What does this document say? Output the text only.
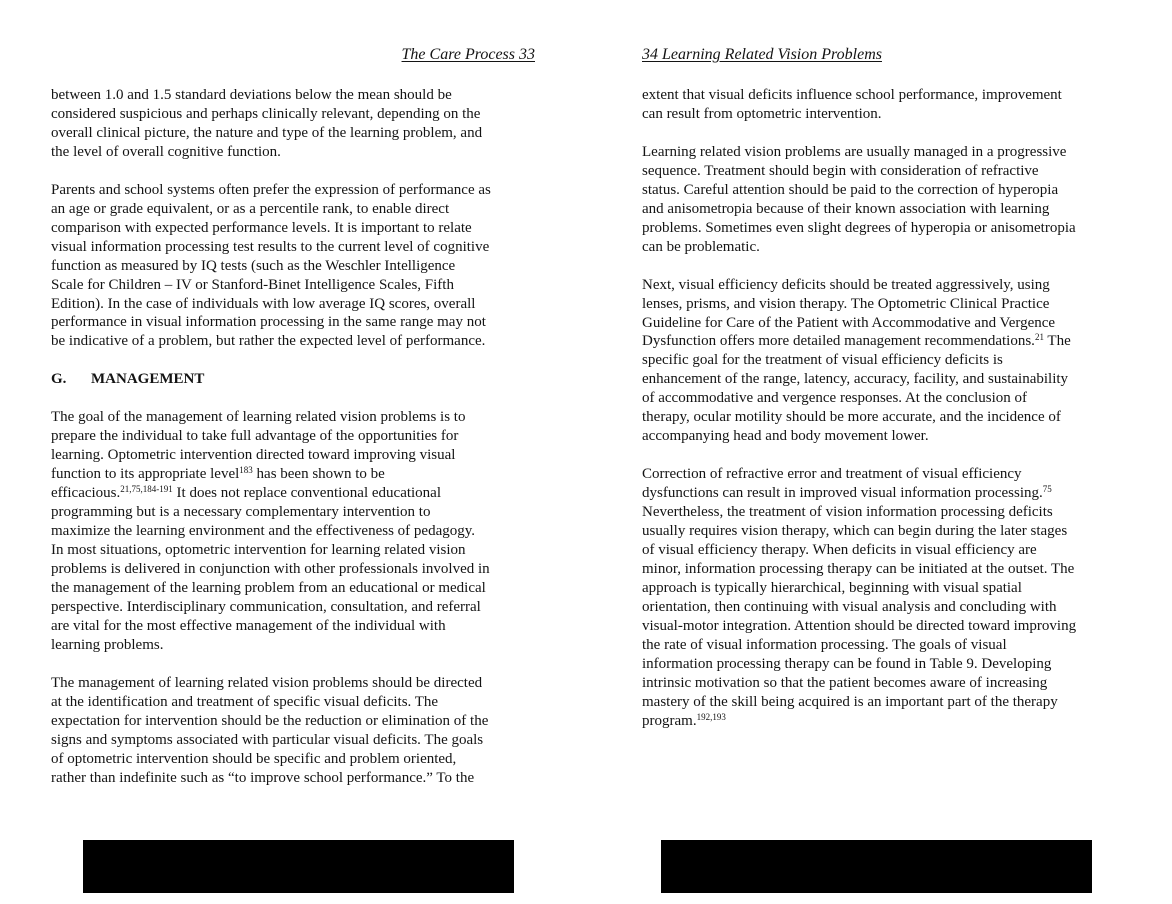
The Care Process 33

between 1.0 and 1.5 standard deviations below the mean should be
considered suspicious and perhaps clinically relevant, depending on the
overall clinical picture, the nature and type of the learning problem, and
the level of overall cognitive function.

Parents and school systems often prefer the expression of performance as
an age or grade equivalent, or as a percentile rank, to enable direct
comparison with expected performance levels. It is important to relate
visual information processing test results to the current level of cognitive
function as measured by IQ tests (such as the Weschler Intelligence
Scale for Children – IV or Stanford-Binet Intelligence Scales, Fifth
Edition). In the case of individuals with low average IQ scores, overall
performance in visual information processing in the same range may not
be indicative of a problem, but rather the expected level of performance.

G. MANAGEMENT

The goal of the management of learning related vision problems is to
prepare the individual to take full advantage of the opportunities for
learning. Optometric intervention directed toward improving visual
function to its appropriate level$^{183}$ has been shown to be
efficacious.$^{21,75,184-191}$ It does not replace conventional educational
programming but is a necessary complementary intervention to
maximize the learning environment and the effectiveness of pedagogy.
In most situations, optometric intervention for learning related vision
problems is delivered in conjunction with other professionals involved in
the management of the learning problem from an educational or medical
perspective. Interdisciplinary communication, consultation, and referral
are vital for the most effective management of the individual with
learning problems.

The management of learning related vision problems should be directed
at the identification and treatment of specific visual deficits. The
expectation for intervention should be the reduction or elimination of the
signs and symptoms associated with particular visual deficits. The goals
of optometric intervention should be specific and problem oriented,
rather than indefinite such as “to improve school performance.” To the

34 Learning Related Vision Problems

extent that visual deficits influence school performance, improvement
can result from optometric intervention.

Learning related vision problems are usually managed in a progressive
sequence. Treatment should begin with consideration of refractive
status. Careful attention should be paid to the correction of hyperopia
and anisometropia because of their known association with learning
problems. Sometimes even slight degrees of hyperopia or anisometropia
can be problematic.

Next, visual efficiency deficits should be treated aggressively, using
lenses, prisms, and vision therapy. The Optometric Clinical Practice
Guideline for Care of the Patient with Accommodative and Vergence
Dysfunction offers more detailed management recommendations.$^{21}$ The
specific goal for the treatment of visual efficiency deficits is
enhancement of the range, latency, accuracy, facility, and sustainability
of accommodative and vergence responses. At the conclusion of
therapy, ocular motility should be more accurate, and the incidence of
accompanying head and body movement lower.

Correction of refractive error and treatment of visual efficiency
dysfunctions can result in improved visual information processing.$^{75}$
Nevertheless, the treatment of vision information processing deficits
usually requires vision therapy, which can begin during the later stages
of visual efficiency therapy. When deficits in visual efficiency are
minor, information processing therapy can be initiated at the outset. The
approach is typically hierarchical, beginning with visual spatial
orientation, then continuing with visual analysis and concluding with
visual-motor integration. Attention should be directed toward improving
the rate of visual information processing. The goals of visual
information processing therapy can be found in Table 9. Developing
intrinsic motivation so that the patient becomes aware of increasing
mastery of the skill being acquired is an important part of the therapy
program.$^{192,193}$
